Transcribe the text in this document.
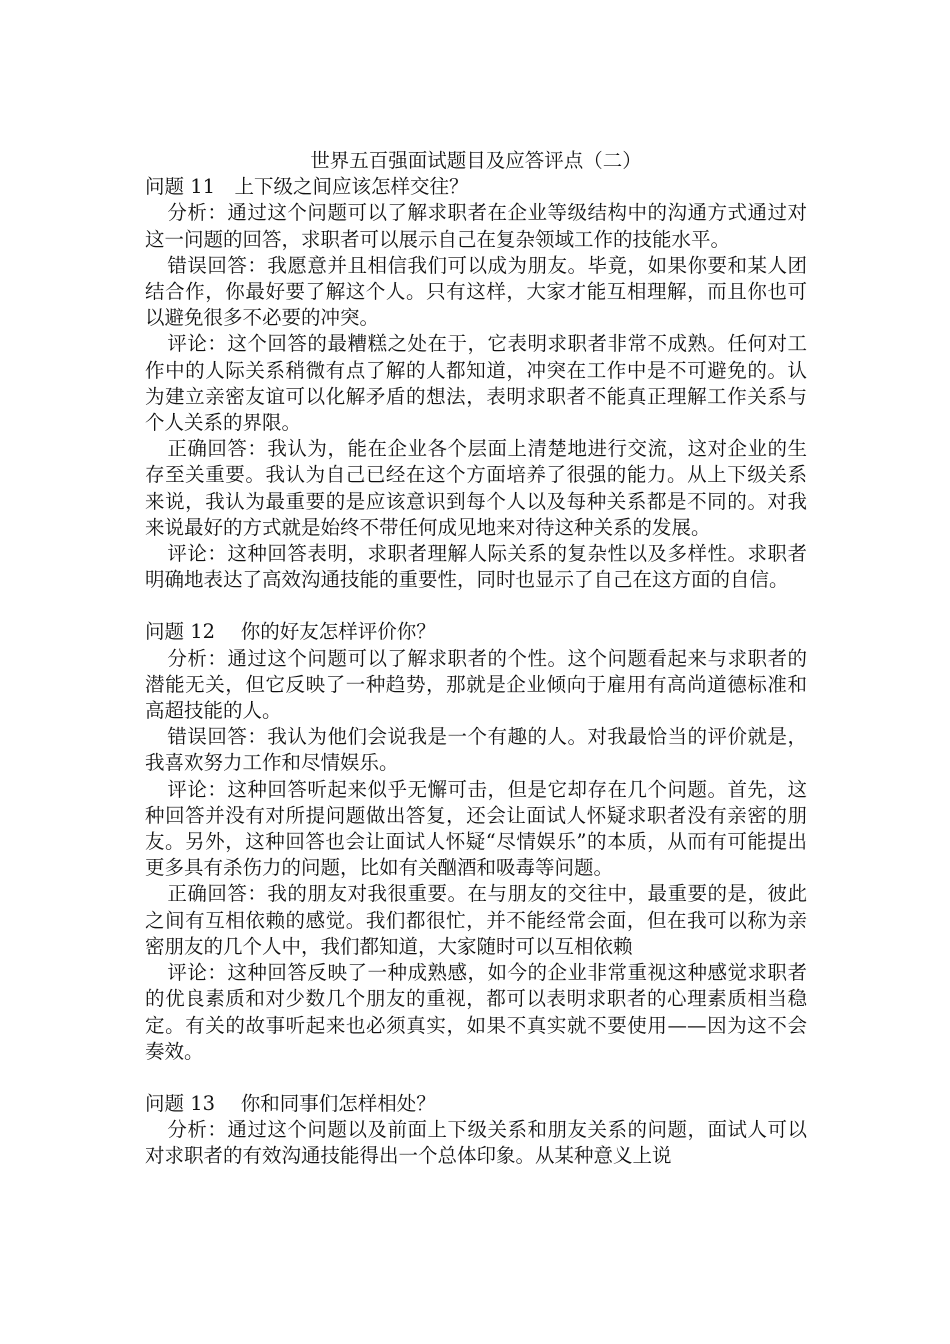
世界五百强面试题目及应答评点（二）

问题 11　上下级之间应该怎样交往？

分析：通过这个问题可以了解求职者在企业等级结构中的沟通方式通过对这一问题的回答，求职者可以展示自己在复杂领域工作的技能水平。

错误回答：我愿意并且相信我们可以成为朋友。毕竟，如果你要和某人团结合作，你最好要了解这个人。只有这样，大家才能互相理解，而且你也可以避免很多不必要的冲突。

评论：这个回答的最糟糕之处在于，它表明求职者非常不成熟。任何对工作中的人际关系稍微有点了解的人都知道，冲突在工作中是不可避免的。认为建立亲密友谊可以化解矛盾的想法，表明求职者不能真正理解工作关系与个人关系的界限。

正确回答：我认为，能在企业各个层面上清楚地进行交流，这对企业的生存至关重要。我认为自己已经在这个方面培养了很强的能力。从上下级关系来说，我认为最重要的是应该意识到每个人以及每种关系都是不同的。对我来说最好的方式就是始终不带任何成见地来对待这种关系的发展。

评论：这种回答表明，求职者理解人际关系的复杂性以及多样性。求职者明确地表达了高效沟通技能的重要性，同时也显示了自己在这方面的自信。

问题 12　 你的好友怎样评价你？

分析：通过这个问题可以了解求职者的个性。这个问题看起来与求职者的潜能无关，但它反映了一种趋势，那就是企业倾向于雇用有高尚道德标准和高超技能的人。

错误回答：我认为他们会说我是一个有趣的人。对我最恰当的评价就是，我喜欢努力工作和尽情娱乐。

评论：这种回答听起来似乎无懈可击，但是它却存在几个问题。首先，这种回答并没有对所提问题做出答复，还会让面试人怀疑求职者没有亲密的朋友。另外，这种回答也会让面试人怀疑“尽情娱乐”的本质，从而有可能提出更多具有杀伤力的问题，比如有关酗酒和吸毒等问题。

正确回答：我的朋友对我很重要。在与朋友的交往中，最重要的是，彼此之间有互相依赖的感觉。我们都很忙，并不能经常会面，但在我可以称为亲密朋友的几个人中，我们都知道，大家随时可以互相依赖

评论：这种回答反映了一种成熟感，如今的企业非常重视这种感觉求职者的优良素质和对少数几个朋友的重视，都可以表明求职者的心理素质相当稳定。有关的故事听起来也必须真实，如果不真实就不要使用——因为这不会奏效。

问题 13　 你和同事们怎样相处？

分析：通过这个问题以及前面上下级关系和朋友关系的问题，面试人可以对求职者的有效沟通技能得出一个总体印象。从某种意义上说
